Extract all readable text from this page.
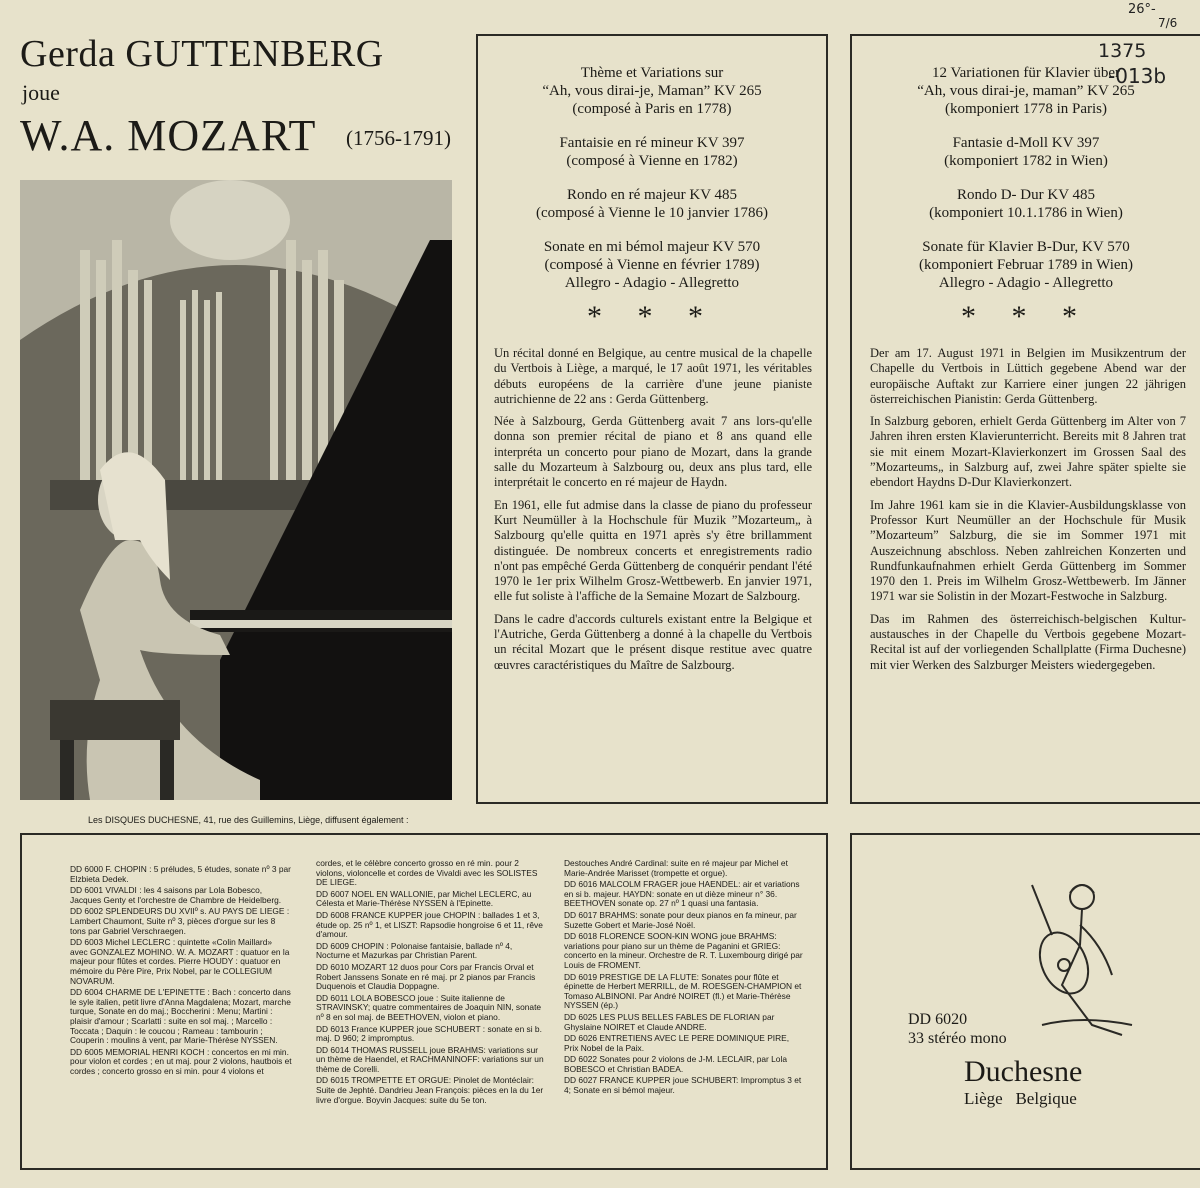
Gerda GUTTENBERG
joue
W.A. MOZART (1756-1791)
26°-
7/6
1375
-013b
Les DISQUES DUCHESNE, 41, rue des Guillemins, Liège, diffusent également :
Thème et Variations sur
“Ah, vous dirai-je, Maman” KV 265
(composé à Paris en 1778)
Fantaisie en ré mineur KV 397
(composé à Vienne en 1782)
Rondo en ré majeur KV 485
(composé à Vienne le 10 janvier 1786)
Sonate en mi bémol majeur KV 570
(composé à Vienne en février 1789)
Allegro - Adagio - Allegretto
* * *

Un récital donné en Belgique, au centre musical de la chapelle du Vertbois à Liège, a marqué, le 17 août 1971, les véritables débuts européens de la carrière d'une jeune pianiste autrichienne de 22 ans : Gerda Güttenberg.

Née à Salzbourg, Gerda Güttenberg avait 7 ans lors-qu'elle donna son premier récital de piano et 8 ans quand elle interpréta un concerto pour piano de Mozart, dans la grande salle du Mozarteum à Salzbourg ou, deux ans plus tard, elle interprétait le concerto en ré majeur de Haydn.

En 1961, elle fut admise dans la classe de piano du professeur Kurt Neumüller à la Hochschule für Muzik ”Mozarteum„ à Salzbourg qu'elle quitta en 1971 après s'y être brillamment distinguée. De nombreux concerts et enregistrements radio n'ont pas empêché Gerda Güttenberg de conquérir pendant l'été 1970 le 1er prix Wilhelm Grosz-Wettbewerb. En janvier 1971, elle fut soliste à l'affiche de la Semaine Mozart de Salzbourg.

Dans le cadre d'accords culturels existant entre la Belgique et l'Autriche, Gerda Güttenberg a donné à la chapelle du Vertbois un récital Mozart que le présent disque restitue avec quatre œuvres caractéristiques du Maître de Salzbourg.

12 Variationen für Klavier über
“Ah, vous dirai-je, maman” KV 265
(komponiert 1778 in Paris)
Fantasie d-Moll KV 397
(komponiert 1782 in Wien)
Rondo D- Dur KV 485
(komponiert 10.1.1786 in Wien)
Sonate für Klavier B-Dur, KV 570
(komponiert Februar 1789 in Wien)
Allegro - Adagio - Allegretto
* * *

Der am 17. August 1971 in Belgien im Musikzentrum der Chapelle du Vertbois in Lüttich gegebene Abend war der europäische Auftakt zur Karriere einer jungen 22 jährigen österreichischen Pianistin: Gerda Güttenberg.

In Salzburg geboren, erhielt Gerda Güttenberg im Alter von 7 Jahren ihren ersten Klavierunterricht. Bereits mit 8 Jahren trat sie mit einem Mozart-Klavierkonzert im Grossen Saal des ”Mozarteums„ in Salzburg auf, zwei Jahre später spielte sie ebendort Haydns D-Dur Klavierkonzert.

Im Jahre 1961 kam sie in die Klavier-Ausbildungsklasse von Professor Kurt Neumüller an der Hochschule für Musik ”Mozarteum” Salzburg, die sie im Sommer 1971 mit Auszeichnung abschloss. Neben zahlreichen Konzerten und Rundfunkaufnahmen erhielt Gerda Güttenberg im Sommer 1970 den 1. Preis im Wilhelm Grosz-Wettbewerb. Im Jänner 1971 war sie Solistin in der Mozart-Festwoche in Salzburg.

Das im Rahmen des österreichisch-belgischen Kultur-austausches in der Chapelle du Vertbois gegebene Mozart-Recital ist auf der vorliegenden Schallplatte (Firma Duchesne) mit vier Werken des Salzburger Meisters wiedergegeben.

DD 6000 F. CHOPIN : 5 préludes, 5 études, sonate nº 3 par Elzbieta Dedek.
DD 6001 VIVALDI : les 4 saisons par Lola Bobesco, Jacques Genty et l'orchestre de Chambre de Heidelberg.
DD 6002 SPLENDEURS DU XVIIº s. AU PAYS DE LIEGE : Lambert Chaumont, Suite nº 3, pièces d'orgue sur les 8 tons par Gabriel Verschraegen.
DD 6003 Michel LECLERC : quintette «Colin Maillard» avec GONZALEZ MOHINO. W. A. MOZART : quatuor en la majeur pour flûtes et cordes. Pierre HOUDY : quatuor en mémoire du Père Pire, Prix Nobel, par le COLLEGIUM NOVARUM.
DD 6004 CHARME DE L'EPINETTE : Bach : concerto dans le syle italien, petit livre d'Anna Magdalena; Mozart, marche turque, Sonate en do maj.; Boccherini : Menu; Martini : plaisir d'amour ; Scarlatti : suite en sol maj. ; Marcello : Toccata ; Daquin : le coucou ; Rameau : tambourin ; Couperin : moulins à vent, par Marie-Thérèse NYSSEN.
DD 6005 MEMORIAL HENRI KOCH : concertos en mi min. pour violon et cordes ; en ut maj. pour 2 violons, hautbois et cordes ; concerto grosso en si min. pour 4 violons et
cordes, et le célèbre concerto grosso en ré min. pour 2 violons, violoncelle et cordes de Vivaldi avec les SOLISTES DE LIEGE.
DD 6007 NOEL EN WALLONIE, par Michel LECLERC, au Célesta et Marie-Thérèse NYSSEN à l'Epinette.
DD 6008 FRANCE KUPPER joue CHOPIN : ballades 1 et 3, étude op. 25 nº 1, et LISZT: Rapsodie hongroise 6 et 11, rêve d'amour.
DD 6009 CHOPIN : Polonaise fantaisie, ballade nº 4, Nocturne et Mazurkas par Christian Parent.
DD 6010 MOZART 12 duos pour Cors par Francis Orval et Robert Janssens Sonate en ré maj. pr 2 pianos par Francis Duquenois et Claudia Doppagne.
DD 6011 LOLA BOBESCO joue : Suite italienne de STRAVINSKY; quatre commentaires de Joaquin NIN, sonate nº 8 en sol maj. de BEETHOVEN, violon et piano.
DD 6013 France KUPPER joue SCHUBERT : sonate en si b. maj. D 960; 2 impromptus.
DD 6014 THOMAS RUSSELL joue BRAHMS: variations sur un thème de Haendel, et RACHMANINOFF: variations sur un thème de Corelli.
DD 6015 TROMPETTE ET ORGUE: Pinolet de Montéclair: Suite de Jephté. Dandrieu Jean François: pièces en la du 1er livre d'orgue. Boyvin Jacques: suite du 5e ton.
Destouches André Cardinal: suite en ré majeur par Michel et Marie-Andrée Marisset (trompette et orgue).
DD 6016 MALCOLM FRAGER joue HAENDEL: air et variations en si b. majeur. HAYDN: sonate en ut dièze mineur n° 36. BEETHOVEN sonate op. 27 nº 1 quasi una fantasia.
DD 6017 BRAHMS: sonate pour deux pianos en fa mineur, par Suzette Gobert et Marie-José Noël.
DD 6018 FLORENCE SOON-KIN WONG joue BRAHMS: variations pour piano sur un thème de Paganini et GRIEG: concerto en la mineur. Orchestre de R. T. Luxembourg dirigé par Louis de FROMENT.
DD 6019 PRESTIGE DE LA FLUTE: Sonates pour flûte et épinette de Herbert MERRILL, de M. ROESGEN-CHAMPION et Tomaso ALBINONI. Par André NOIRET (fl.) et Marie-Thérèse NYSSEN (ép.)
DD 6025 LES PLUS BELLES FABLES DE FLORIAN par Ghyslaine NOIRET et Claude ANDRE.
DD 6026 ENTRETIENS AVEC LE PERE DOMINIQUE PIRE, Prix Nobel de la Paix.
DD 6022 Sonates pour 2 violons de J-M. LECLAIR, par Lola BOBESCO et Christian BADEA.
DD 6027 FRANCE KUPPER joue SCHUBERT: Impromptus 3 et 4; Sonate en si bémol majeur.
DD 6020
33 stéréo mono
Duchesne
Liège   Belgique
